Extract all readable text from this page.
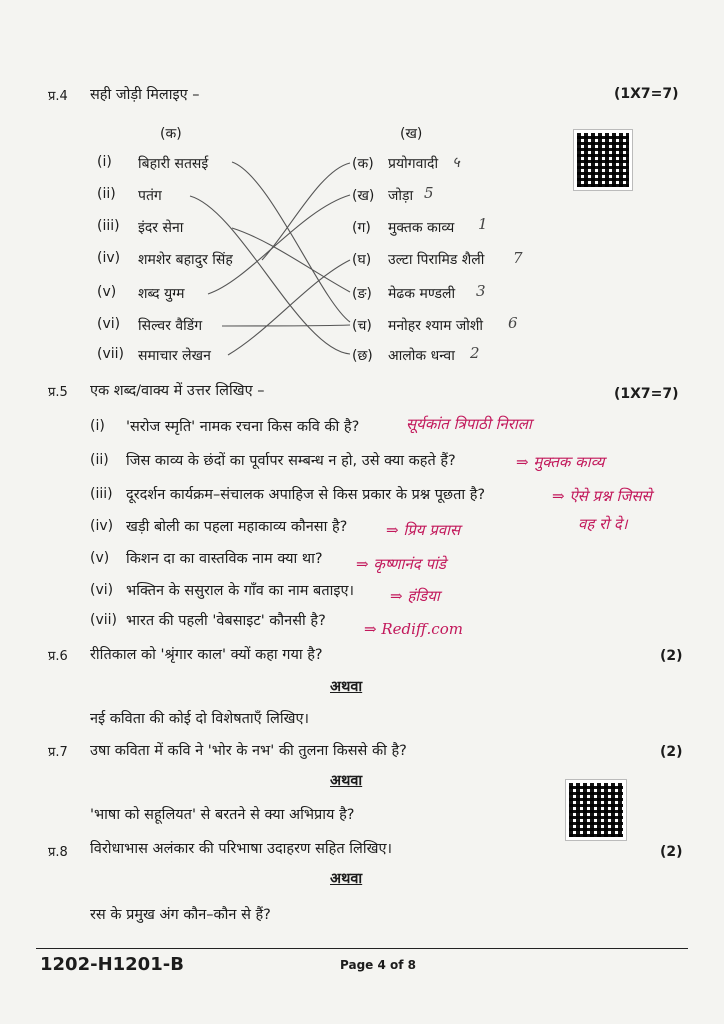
प्र.4 सही जोड़ी मिलाइए –	(1X7=7)
(क)	(ख)
(i) बिहारी सतसई
(ii) पतंग
(iii) इंदर सेना
(iv) शमशेर बहादुर सिंह
(v) शब्द युग्म
(vi) सिल्वर वैडिंग
(vii) समाचार लेखन
(क) प्रयोगवादी ५
(ख) जोड़ा 5
(ग) मुक्तक काव्य 1
(घ) उल्टा पिरामिड शैली 7
(ङ) मेढक मण्डली 3
(च) मनोहर श्याम जोशी 6
(छ) आलोक धन्वा 2
प्र.5 एक शब्द/वाक्य में उत्तर लिखिए –	(1X7=7)
(i) 'सरोज स्मृति' नामक रचना किस कवि की है?	सूर्यकांत त्रिपाठी निराला
(ii) जिस काव्य के छंदों का पूर्वापर सम्बन्ध न हो, उसे क्या कहते हैं?	⇒ मुक्तक काव्य
(iii) दूरदर्शन कार्यक्रम–संचालक अपाहिज से किस प्रकार के प्रश्न पूछता है?	⇒ ऐसे प्रश्न जिससे
वह रो दे।
(iv) खड़ी बोली का पहला महाकाव्य कौनसा है?	⇒ प्रिय प्रवास
(v) किशन दा का वास्तविक नाम क्या था? ⇒ कृष्णानंद पांडे
(vi) भक्तिन के ससुराल के गाँव का नाम बताइए। ⇒ हंडिया
(vii) भारत की पहली 'वेबसाइट' कौनसी है?	⇒ Rediff.com
प्र.6 रीतिकाल को 'श्रृंगार काल' क्यों कहा गया है?	(2)
अथवा
नई कविता की कोई दो विशेषताएँ लिखिए।
प्र.7 उषा कविता में कवि ने 'भोर के नभ' की तुलना किससे की है?	(2)
अथवा
'भाषा को सहूलियत' से बरतने से क्या अभिप्राय है?
प्र.8 विरोधाभास अलंकार की परिभाषा उदाहरण सहित लिखिए।	(2)
अथवा
रस के प्रमुख अंग कौन–कौन से हैं?
1202-H1201-B	Page 4 of 8
